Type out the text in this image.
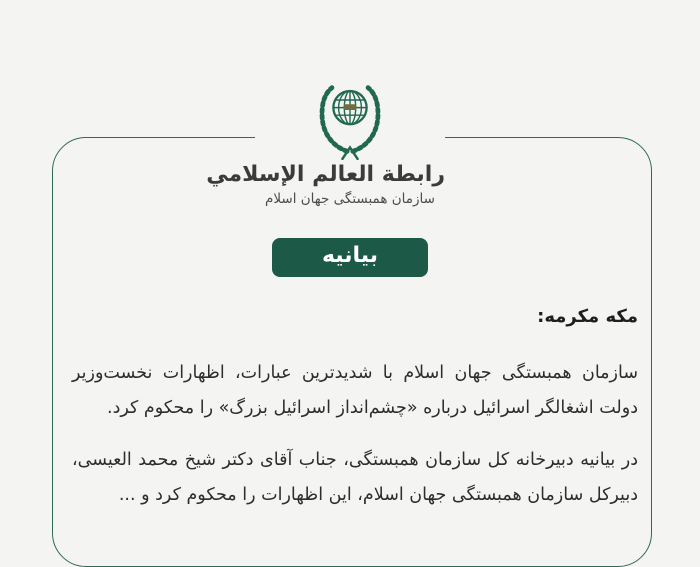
رابطة العالم الإسلامي
سازمان همبستگی جهان اسلام
بیانیه
مکه مکرمه:

سازمان همبستگی جهان اسلام با شدیدترین عبارات، اظهارات نخست‌وزیر دولت اشغالگر اسرائیل درباره «چشم‌انداز اسرائیل بزرگ» را محکوم کرد.

در بیانیه دبیرخانه کل سازمان همبستگی، جناب آقای دکتر شیخ محمد العیسی، دبیرکل سازمان همبستگی جهان اسلام، این اظهارات را محکوم کرد و ...
